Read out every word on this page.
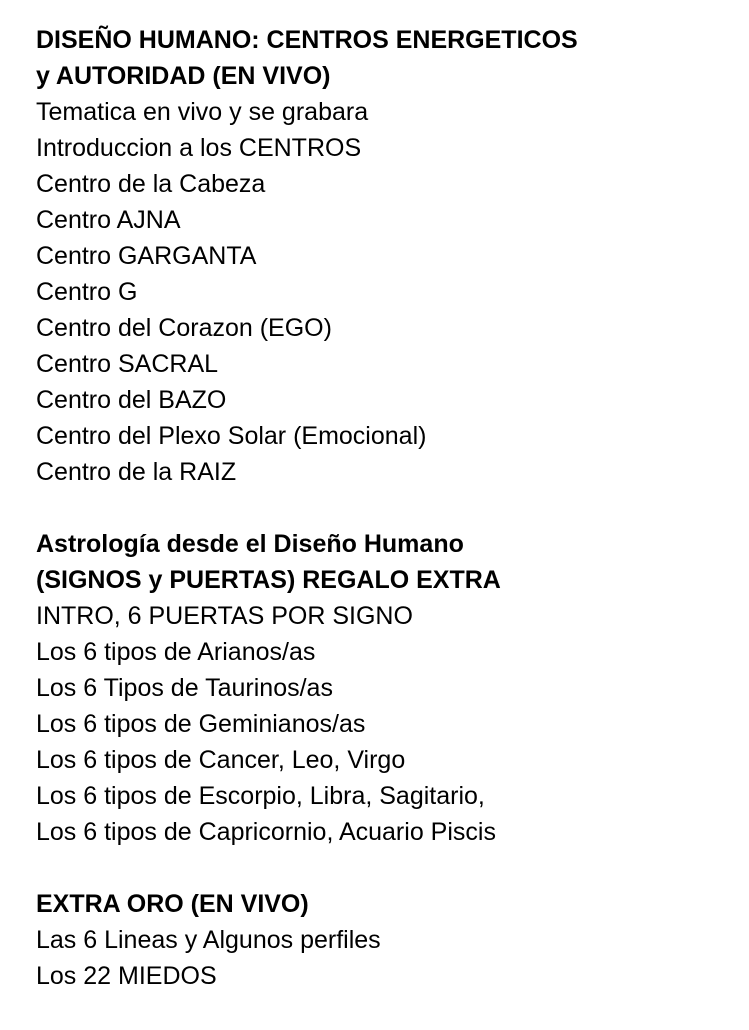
DISEÑO HUMANO: CENTROS ENERGETICOS
y AUTORIDAD (EN VIVO)
Tematica en vivo y se grabara
Introduccion a los CENTROS
Centro de la Cabeza
Centro AJNA
Centro GARGANTA
Centro G
Centro del Corazon (EGO)
Centro SACRAL
Centro del BAZO
Centro del Plexo Solar (Emocional)
Centro de la RAIZ
Astrología desde el Diseño Humano
(SIGNOS y PUERTAS) REGALO EXTRA
INTRO, 6 PUERTAS POR SIGNO
Los 6 tipos de Arianos/as
Los 6 Tipos de Taurinos/as
Los 6 tipos de Geminianos/as
Los 6 tipos de Cancer, Leo, Virgo
Los 6 tipos de Escorpio, Libra, Sagitario,
Los 6 tipos de Capricornio, Acuario Piscis
EXTRA ORO (EN VIVO)
Las 6 Lineas y Algunos perfiles
Los 22 MIEDOS
